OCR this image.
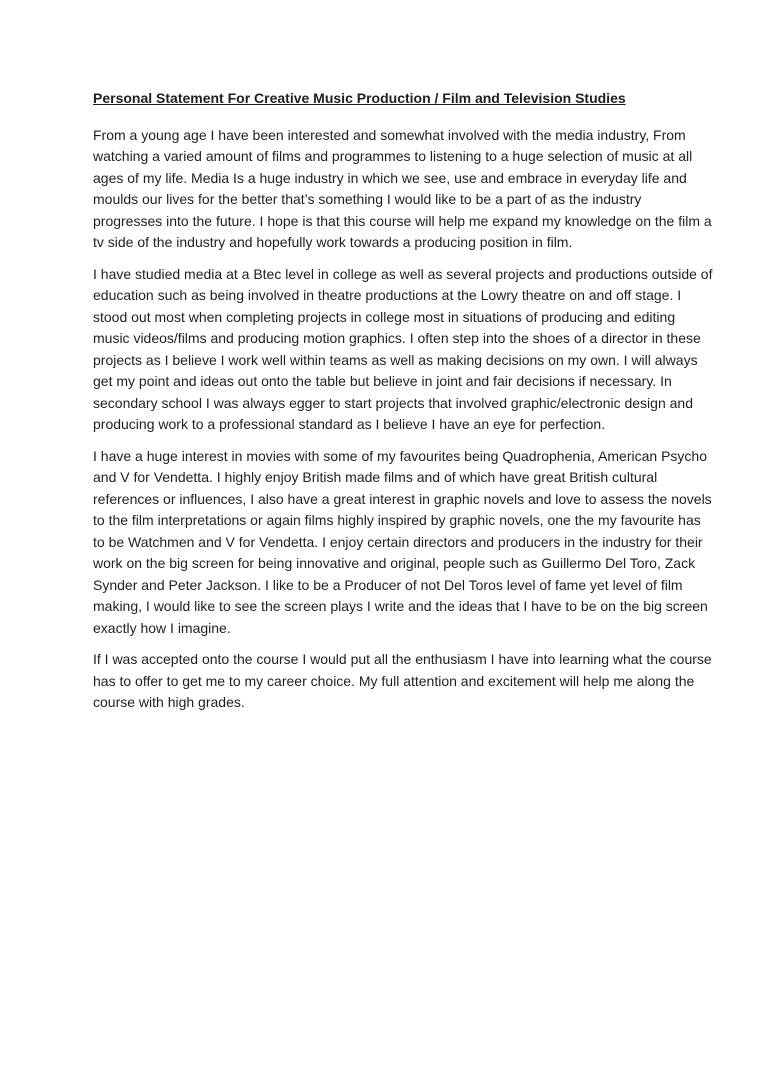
Personal Statement For Creative Music Production / Film and Television Studies
From a young age I have been interested and somewhat involved with the media industry, From
watching a varied amount of films and programmes to listening to a huge selection of music at all
ages of my life. Media Is a huge industry in which we see, use and embrace in everyday life and
moulds our lives for the better that’s something I would like to be a part of as the industry
progresses into the future. I hope is that this course will help me expand my knowledge on the film a
tv side of the industry and hopefully work towards a producing position in film.
I have studied media at a Btec level in college as well as several projects and productions outside of
education such as being involved in theatre productions at the Lowry theatre on and off stage. I
stood out most when completing projects in college most in situations of producing and editing
music videos/films and producing motion graphics. I often step into the shoes of a director in these
projects as I believe I work well within teams as well as making decisions on my own. I will always
get my point and ideas out onto the table but believe in joint and fair decisions if necessary. In
secondary school I was always egger to start projects that involved graphic/electronic design and
producing work to a professional standard as I believe I have an eye for perfection.
I have a huge interest in movies with some of my favourites being Quadrophenia, American Psycho
and V for Vendetta. I highly enjoy British made films and of which have great British cultural
references or influences, I also have a great interest in graphic novels and love to assess the novels
to the film interpretations or again films highly inspired by graphic novels, one the my favourite has
to be Watchmen and V for Vendetta. I enjoy certain directors and producers in the industry for their
work on the big screen for being innovative and original, people such as Guillermo Del Toro, Zack
Synder and Peter Jackson. I like to be a Producer of not Del Toros level of fame yet level of film
making, I would like to see the screen plays I write and the ideas that I have to be on the big screen
exactly how I imagine.
If I was accepted onto the course I would put all the enthusiasm I have into learning what the course
has to offer to get me to my career choice. My full attention and excitement will help me along the
course with high grades.
